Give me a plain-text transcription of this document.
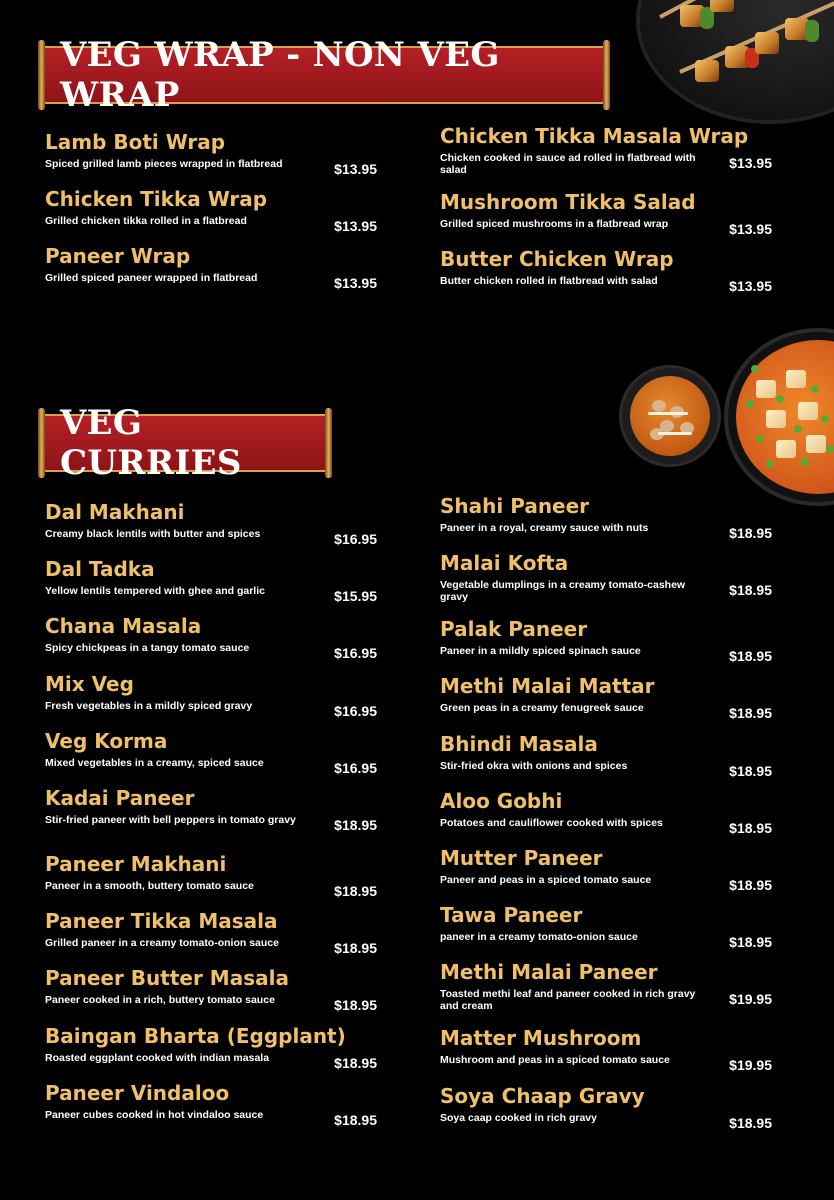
VEG WRAP - NON VEG WRAP
Lamb Boti Wrap
Spiced grilled lamb pieces wrapped in flatbread	$13.95
Chicken Tikka Wrap
Grilled chicken tikka rolled in a flatbread	$13.95
Paneer Wrap
Grilled spiced paneer wrapped in flatbread	$13.95
Chicken Tikka Masala Wrap
Chicken cooked in sauce ad rolled in flatbread with salad	$13.95
Mushroom Tikka Salad
Grilled spiced mushrooms in a flatbread wrap	$13.95
Butter Chicken Wrap
Butter chicken rolled in flatbread with salad	$13.95
VEG CURRIES
Dal Makhani
Creamy black lentils with butter and spices	$16.95
Dal Tadka
Yellow lentils tempered with ghee and garlic	$15.95
Chana Masala
Spicy chickpeas in a tangy tomato sauce	$16.95
Mix Veg
Fresh vegetables in a mildly spiced gravy	$16.95
Veg Korma
Mixed vegetables in a creamy, spiced sauce	$16.95
Kadai Paneer
Stir-fried paneer with bell peppers in tomato gravy	$18.95
Paneer Makhani
Paneer in a smooth, buttery tomato sauce	$18.95
Paneer Tikka Masala
Grilled paneer in a creamy tomato-onion sauce	$18.95
Paneer Butter Masala
Paneer cooked in a rich, buttery tomato sauce	$18.95
Baingan Bharta (Eggplant)
Roasted eggplant cooked with indian masala	$18.95
Paneer Vindaloo
Paneer cubes cooked in hot vindaloo sauce	$18.95
Shahi Paneer
Paneer in a royal, creamy sauce with nuts	$18.95
Malai Kofta
Vegetable dumplings in a creamy tomato-cashew gravy	$18.95
Palak Paneer
Paneer in a mildly spiced spinach sauce	$18.95
Methi Malai Mattar
Green peas in a creamy fenugreek sauce	$18.95
Bhindi Masala
Stir-fried okra with onions and spices	$18.95
Aloo Gobhi
Potatoes and cauliflower cooked with spices	$18.95
Mutter Paneer
Paneer and peas in a spiced tomato sauce	$18.95
Tawa Paneer
paneer in a creamy tomato-onion sauce	$18.95
Methi Malai Paneer
Toasted methi leaf and paneer cooked in rich gravy and cream	$19.95
Matter Mushroom
Mushroom and peas in a spiced tomato sauce	$19.95
Soya Chaap Gravy
Soya caap cooked in rich gravy	$18.95
